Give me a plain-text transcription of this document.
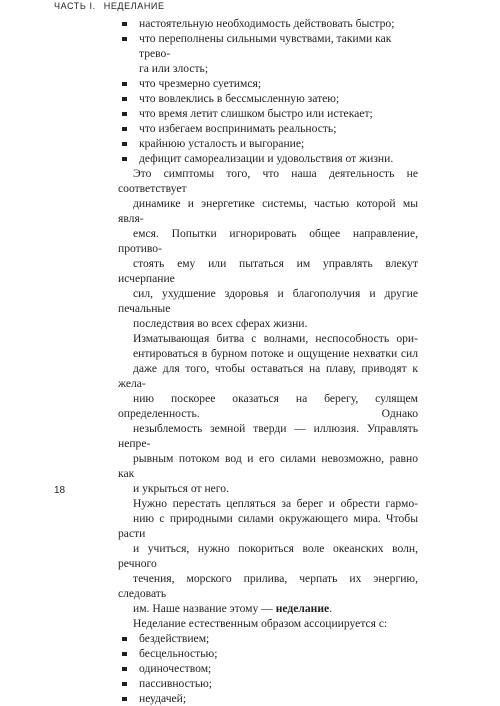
ЧАСТЬ I. НЕДЕЛАНИЕ
настоятельную необходимость действовать быстро;
что переполнены сильными чувствами, такими как трево-
га или злость;
что чрезмерно суетимся;
что вовлеклись в бессмысленную затею;
что время летит слишком быстро или истекает;
что избегаем воспринимать реальность;
крайнюю усталость и выгорание;
дефицит самореализации и удовольствия от жизни.

Это симптомы того, что наша деятельность не соответствует
динамике и энергетике системы, частью которой мы явля-
емся. Попытки игнорировать общее направление, противо-
стоять ему или пытаться им управлять влекут исчерпание
сил, ухудшение здоровья и благополучия и другие печальные
последствия во всех сферах жизни.

Изматывающая битва с волнами, неспособность ори-
ентироваться в бурном потоке и ощущение нехватки сил
даже для того, чтобы оставаться на плаву, приводят к желa-
нию поскорее оказаться на берегу, сулящем определенность. Однако
незыблемость земной тверди — иллюзия. Управлять непре-
рывным потоком вод и его силами невозможно, равно как
и укрыться от него.

Нужно перестать цепляться за берег и обрести гармо-
нию с природными силами окружающего мира. Чтобы расти
и учиться, нужно покориться воле океанских волн, речного
течения, морского прилива, черпать их энергию, следовать
им. Наше название этому — неделание.

Неделание естественным образом ассоциируется с:

бездействием;
бесцельностью;
одиночеством;
пассивностью;
неудачей;
18
